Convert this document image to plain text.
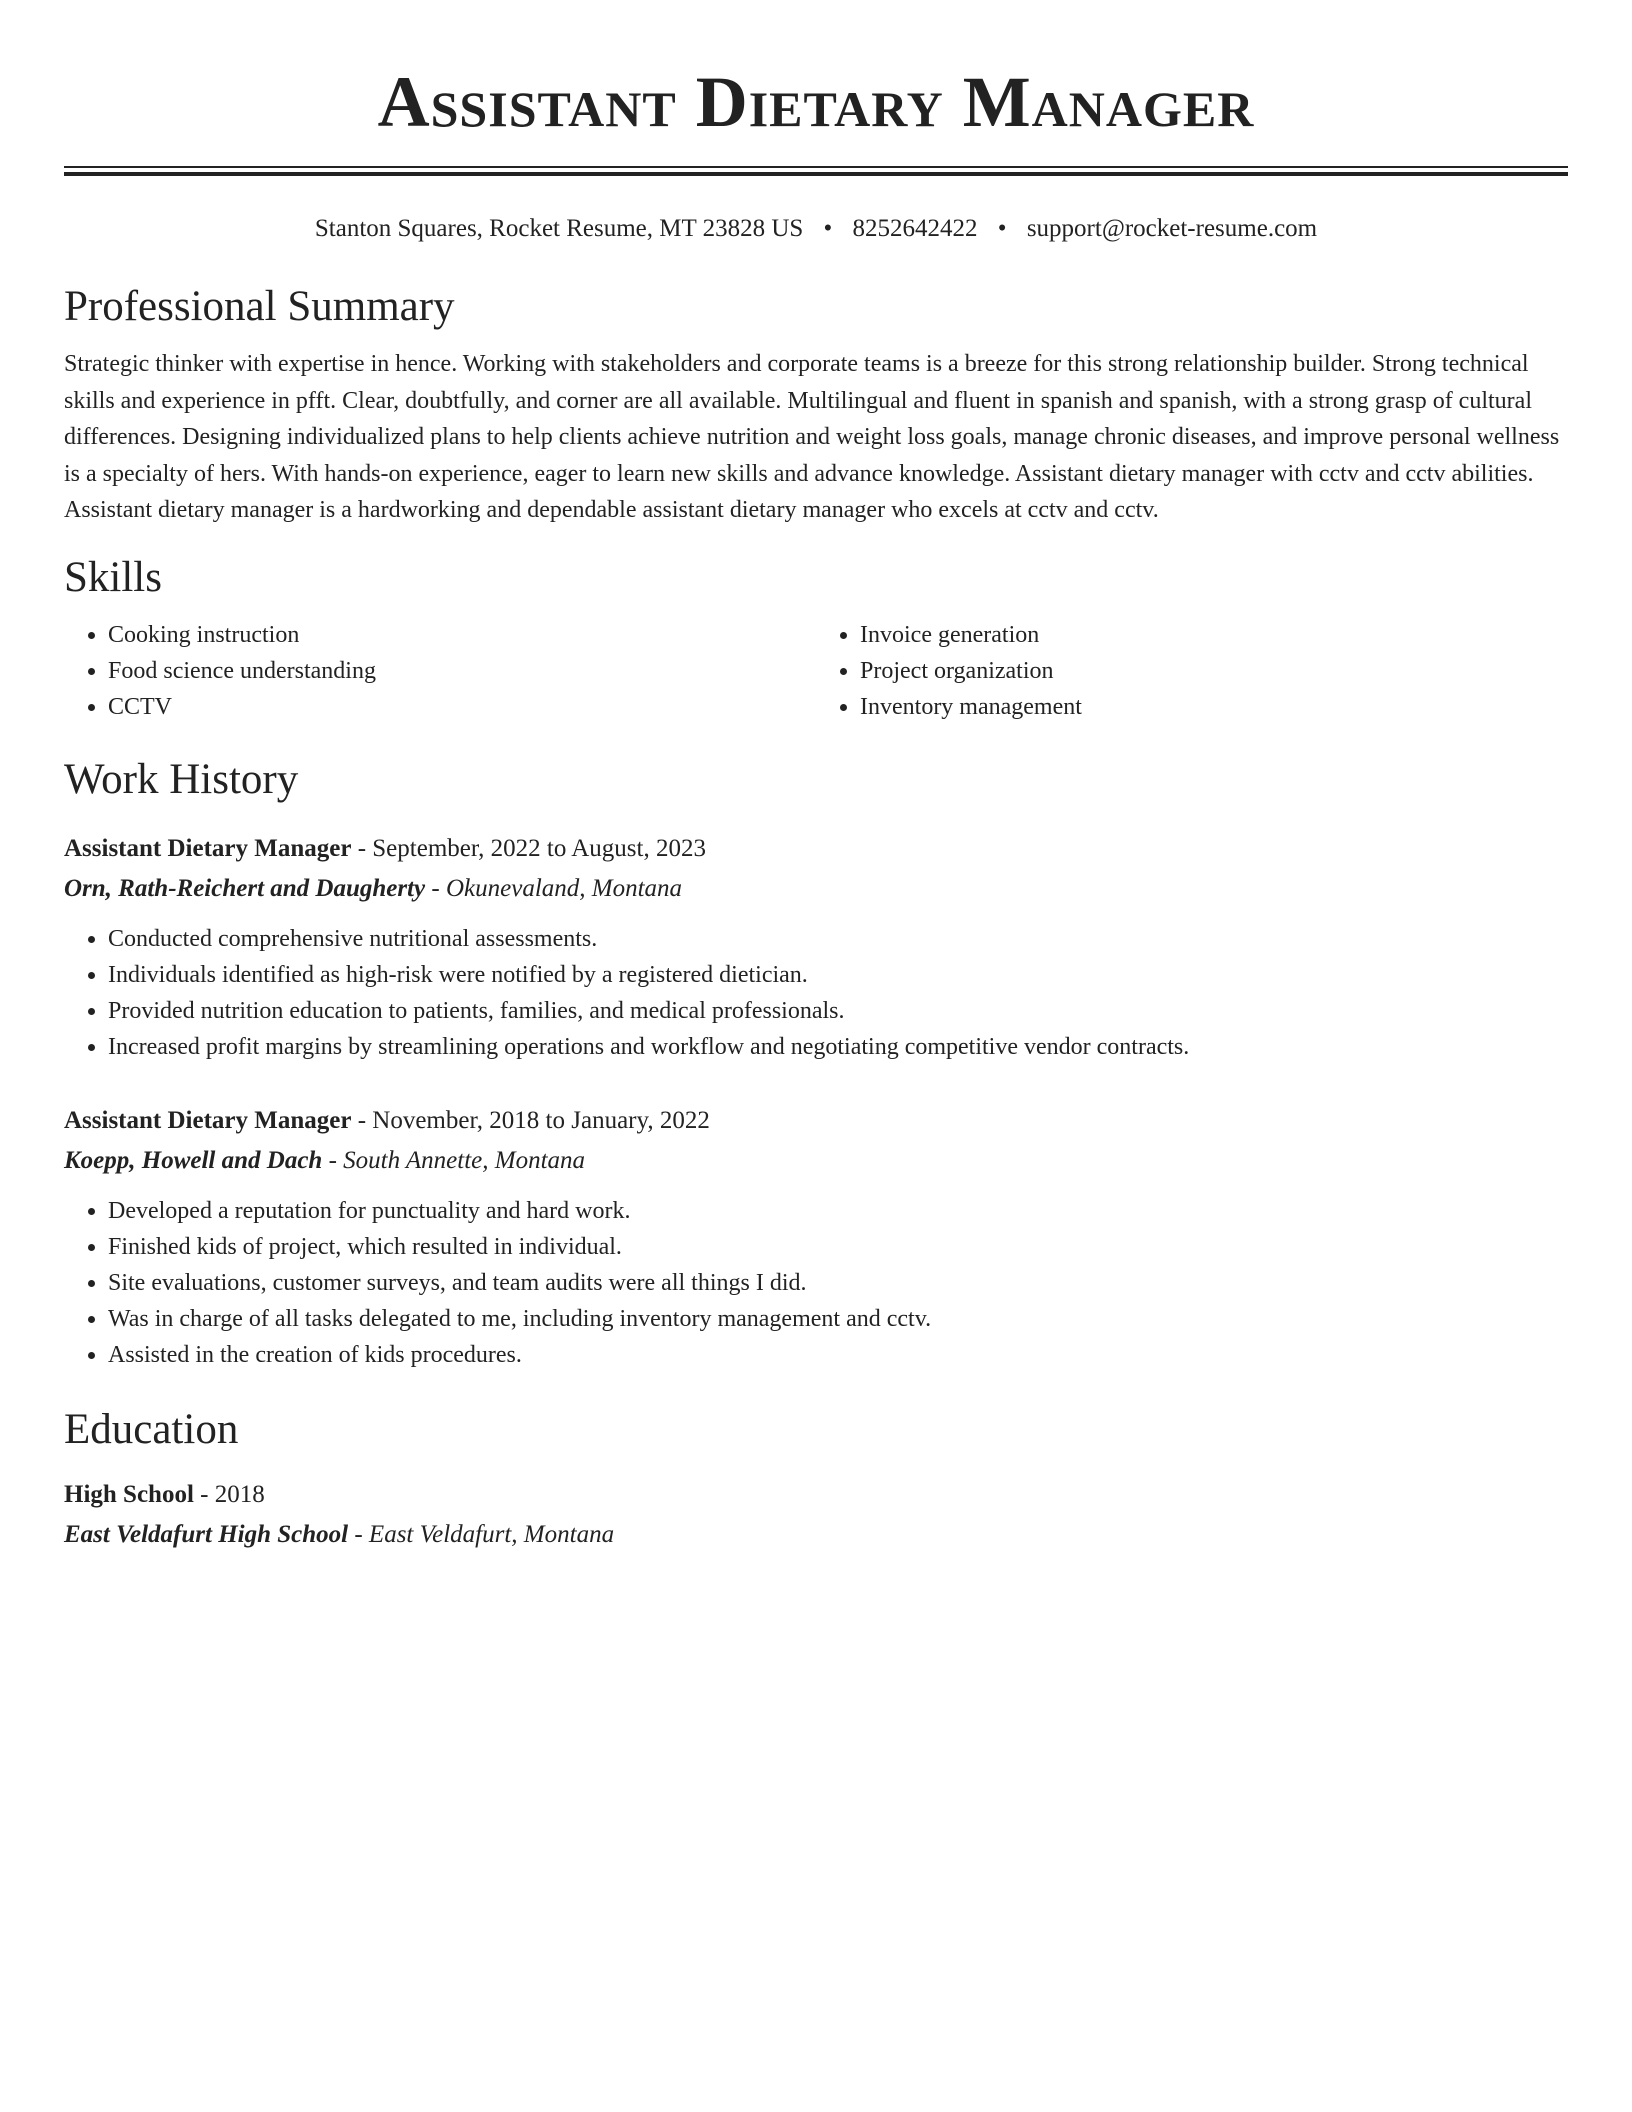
Assistant Dietary Manager
Stanton Squares, Rocket Resume, MT 23828 US • 8252642422 • support@rocket-resume.com
Professional Summary
Strategic thinker with expertise in hence. Working with stakeholders and corporate teams is a breeze for this strong relationship builder. Strong technical skills and experience in pfft. Clear, doubtfully, and corner are all available. Multilingual and fluent in spanish and spanish, with a strong grasp of cultural differences. Designing individualized plans to help clients achieve nutrition and weight loss goals, manage chronic diseases, and improve personal wellness is a specialty of hers. With hands-on experience, eager to learn new skills and advance knowledge. Assistant dietary manager with cctv and cctv abilities. Assistant dietary manager is a hardworking and dependable assistant dietary manager who excels at cctv and cctv.
Skills
• Cooking instruction
• Food science understanding
• CCTV
• Invoice generation
• Project organization
• Inventory management
Work History
Assistant Dietary Manager - September, 2022 to August, 2023
Orn, Rath-Reichert and Daugherty - Okunevaland, Montana
• Conducted comprehensive nutritional assessments.
• Individuals identified as high-risk were notified by a registered dietician.
• Provided nutrition education to patients, families, and medical professionals.
• Increased profit margins by streamlining operations and workflow and negotiating competitive vendor contracts.
Assistant Dietary Manager - November, 2018 to January, 2022
Koepp, Howell and Dach - South Annette, Montana
• Developed a reputation for punctuality and hard work.
• Finished kids of project, which resulted in individual.
• Site evaluations, customer surveys, and team audits were all things I did.
• Was in charge of all tasks delegated to me, including inventory management and cctv.
• Assisted in the creation of kids procedures.
Education
High School - 2018
East Veldafurt High School - East Veldafurt, Montana
